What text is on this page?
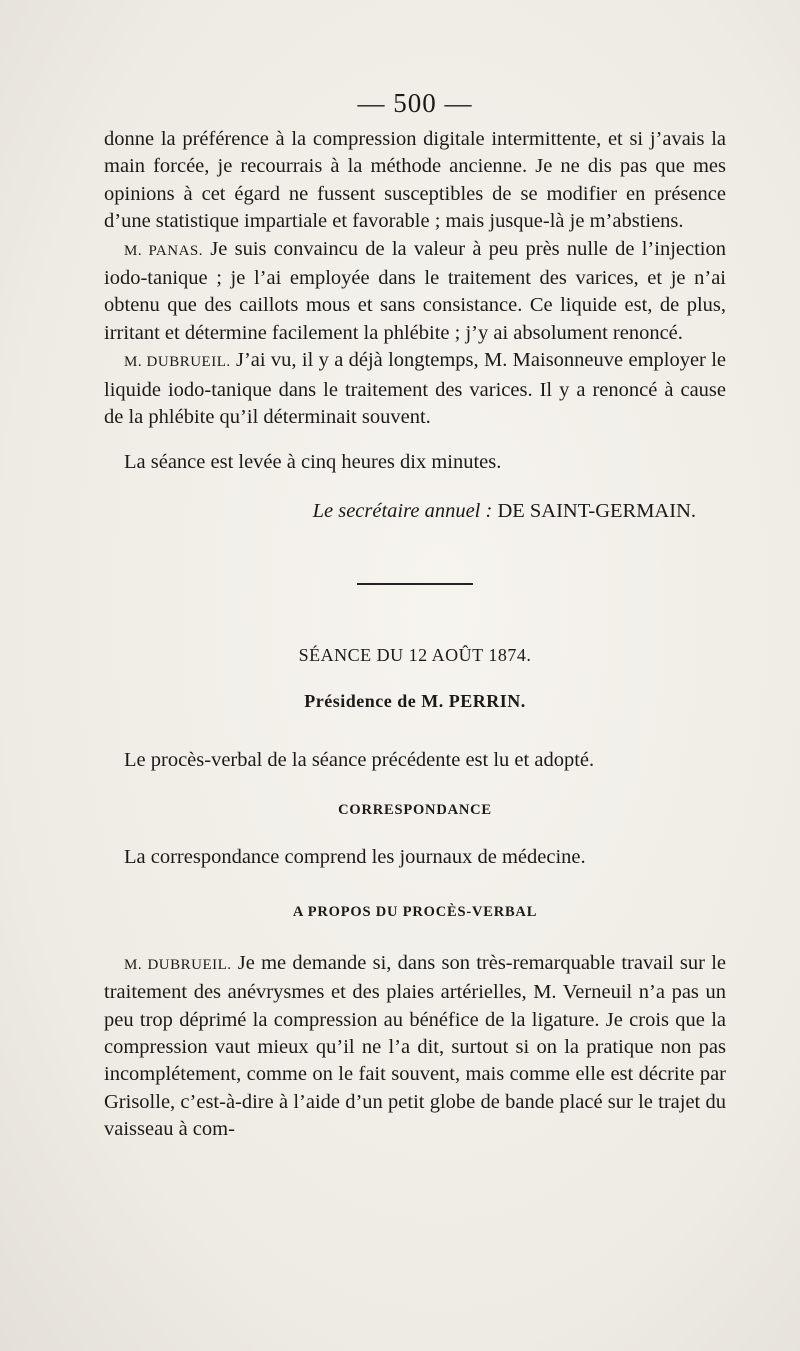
— 500 —

donne la préférence à la compression digitale intermittente, et si j’avais la main forcée, je recourrais à la méthode ancienne. Je ne dis pas que mes opinions à cet égard ne fussent susceptibles de se modifier en présence d’une statistique impartiale et favorable ; mais jusque-là je m’abstiens.

M. PANAS. Je suis convaincu de la valeur à peu près nulle de l’injection iodo-tanique ; je l’ai employée dans le traitement des varices, et je n’ai obtenu que des caillots mous et sans consistance. Ce liquide est, de plus, irritant et détermine facilement la phlébite ; j’y ai absolument renoncé.

M. DUBRUEIL. J’ai vu, il y a déjà longtemps, M. Maisonneuve employer le liquide iodo-tanique dans le traitement des varices. Il y a renoncé à cause de la phlébite qu’il déterminait souvent.

La séance est levée à cinq heures dix minutes.

Le secrétaire annuel : DE SAINT-GERMAIN.
SÉANCE DU 12 AOÛT 1874.
Présidence de M. PERRIN.

Le procès-verbal de la séance précédente est lu et adopté.

CORRESPONDANCE

La correspondance comprend les journaux de médecine.

A PROPOS DU PROCÈS-VERBAL

M. DUBRUEIL. Je me demande si, dans son très-remarquable travail sur le traitement des anévrysmes et des plaies artérielles, M. Verneuil n’a pas un peu trop déprimé la compression au bénéfice de la ligature. Je crois que la compression vaut mieux qu’il ne l’a dit, surtout si on la pratique non pas incomplétement, comme on le fait souvent, mais comme elle est décrite par Grisolle, c’est-à-dire à l’aide d’un petit globe de bande placé sur le trajet du vaisseau à com-
